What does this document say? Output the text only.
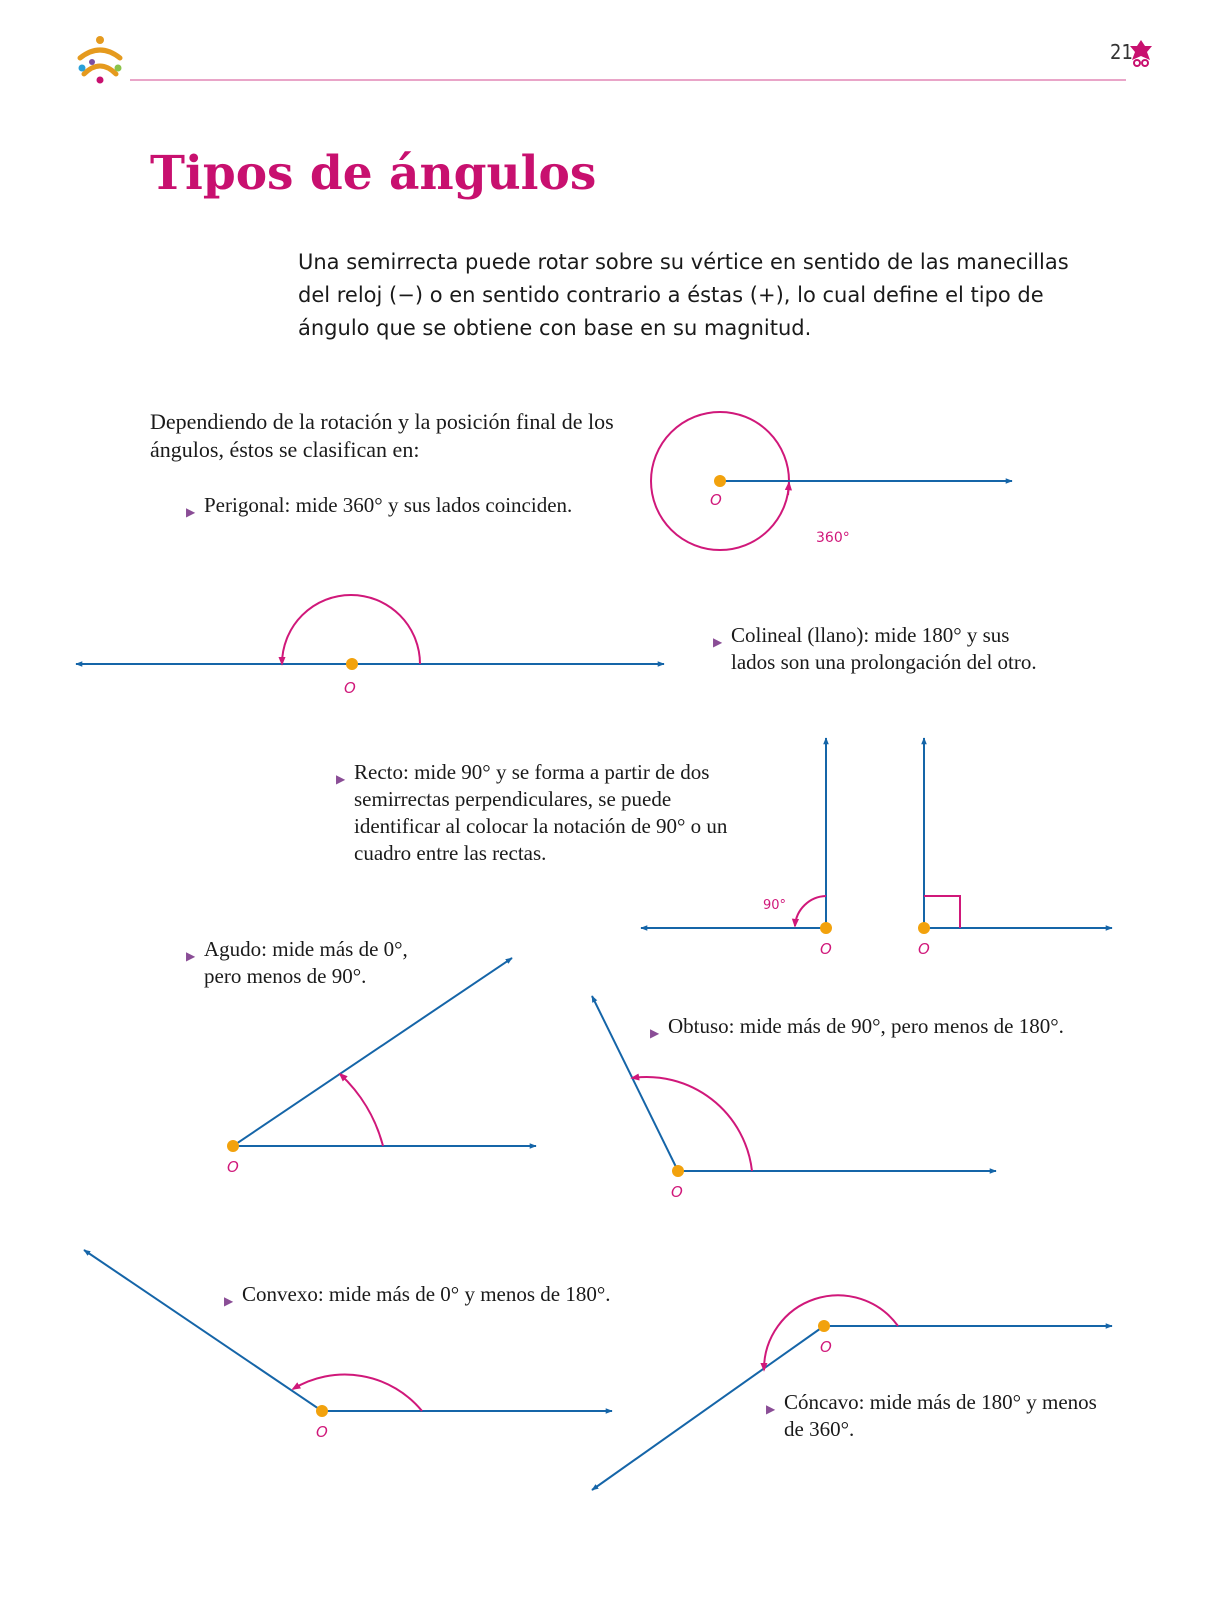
21
Tipos de ángulos

Una semirrecta puede rotar sobre su vértice en sentido de las manecillas del reloj (−) o en sentido contrario a éstas (+), lo cual define el tipo de ángulo que se obtiene con base en su magnitud.

Dependiendo de la rotación y la posición final de los ángulos, éstos se clasifican en:

▶ Perigonal: mide 360° y sus lados coinciden.

▶ Colineal (llano): mide 180° y sus lados son una prolongación del otro.

▶ Recto: mide 90° y se forma a partir de dos semirrectas perpendiculares, se puede identificar al colocar la notación de 90° o un cuadro entre las rectas.

▶ Agudo: mide más de 0°, pero menos de 90°.

▶ Obtuso: mide más de 90°, pero menos de 180°.

▶ Convexo: mide más de 0° y menos de 180°.

▶ Cóncavo: mide más de 180° y menos de 360°.

O
360°
O
90°
O	O
O
O
O
O
